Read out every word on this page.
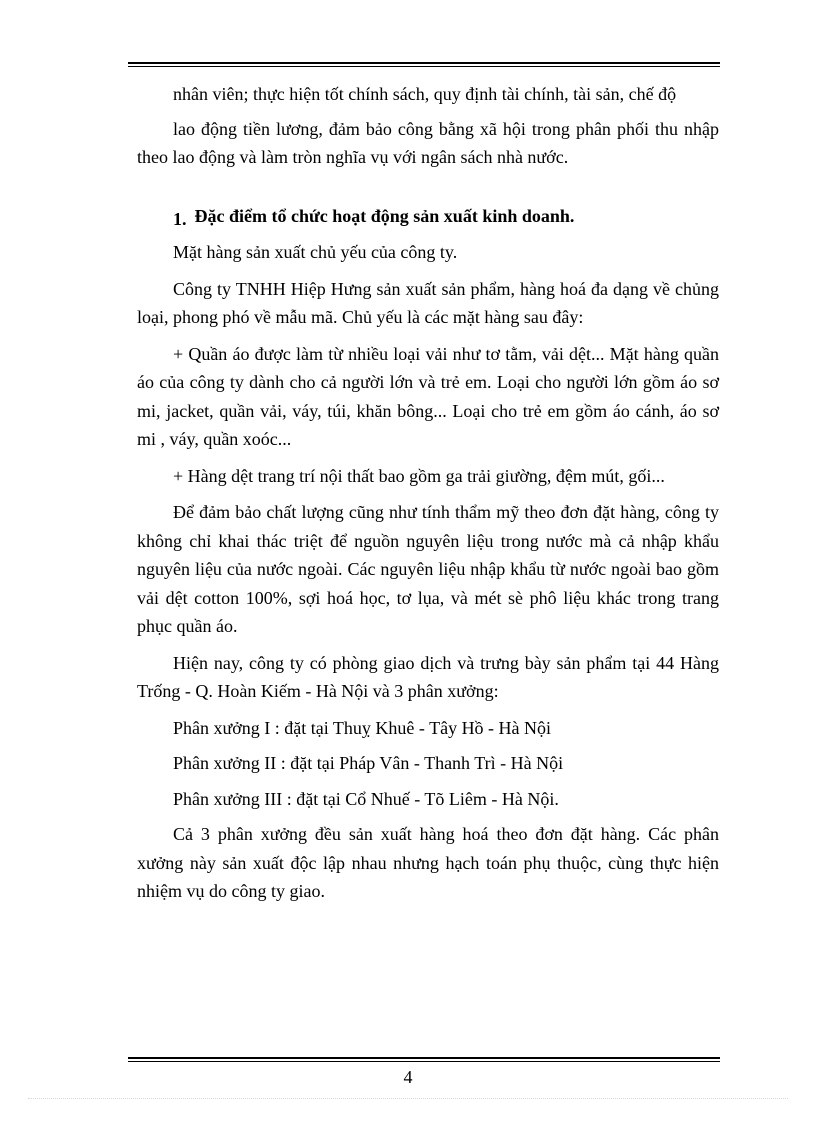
nhân viên; thực hiện tốt chính sách, quy định tài chính, tài sản, chế độ

lao động tiền lương, đảm bảo công bằng xã hội trong phân phối thu nhập theo lao động và làm tròn nghĩa vụ với ngân sách nhà nước.

1. Đặc điểm tổ chức hoạt động sản xuất kinh doanh.

Mặt hàng sản xuất chủ yếu của công ty.

Công ty TNHH Hiệp Hưng sản xuất sản phẩm, hàng hoá đa dạng về chủng loại, phong phó về mẫu mã. Chủ yếu là các mặt hàng sau đây:

+ Quần áo được làm từ nhiều loại vải như tơ tằm, vải dệt... Mặt hàng quần áo của công ty dành cho cả người lớn và trẻ em. Loại cho người lớn gồm áo sơ mi, jacket, quần vải, váy, túi, khăn bông... Loại cho trẻ em gồm áo cánh, áo sơ mi , váy, quần xoóc...

+ Hàng dệt trang trí nội thất bao gồm ga trải giường, đệm mút, gối...

Để đảm bảo chất lượng cũng như tính thẩm mỹ theo đơn đặt hàng, công ty không chỉ khai thác triệt để nguồn nguyên liệu trong nước mà cả nhập khẩu nguyên liệu của nước ngoài. Các nguyên liệu nhập khẩu từ nước ngoài bao gồm vải dệt cotton 100%, sợi hoá học, tơ lụa, và mét sè phô liệu khác trong trang phục quần áo.

Hiện nay, công ty có phòng giao dịch và trưng bày sản phẩm tại 44 Hàng Trống - Q. Hoàn Kiếm - Hà Nội và 3 phân xưởng:

Phân xưởng I : đặt tại Thuỵ Khuê - Tây Hồ - Hà Nội

Phân xưởng II : đặt tại Pháp Vân - Thanh Trì - Hà Nội

Phân xưởng III : đặt tại Cổ Nhuế - Tõ Liêm - Hà Nội.

Cả 3 phân xưởng đều sản xuất hàng hoá theo đơn đặt hàng. Các phân xưởng này sản xuất độc lập nhau nhưng hạch toán phụ thuộc, cùng thực hiện nhiệm vụ do công ty giao.

4
